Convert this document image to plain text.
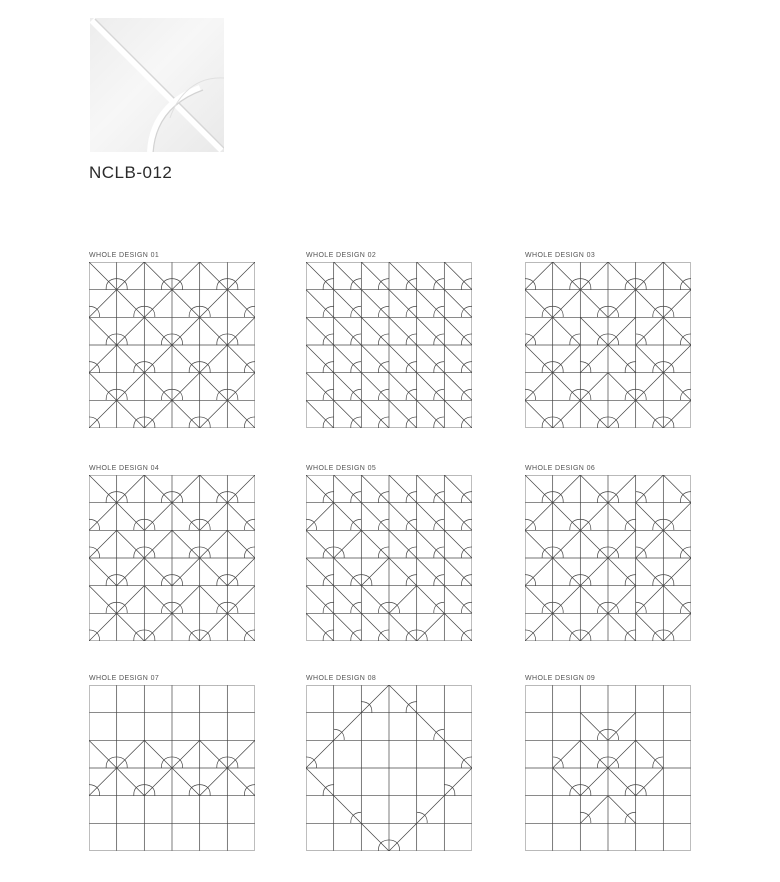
NCLB-012
WHOLE DESIGN 01	WHOLE DESIGN 02	WHOLE DESIGN 03
WHOLE DESIGN 04	WHOLE DESIGN 05	WHOLE DESIGN 06
WHOLE DESIGN 07	WHOLE DESIGN 08	WHOLE DESIGN 09
